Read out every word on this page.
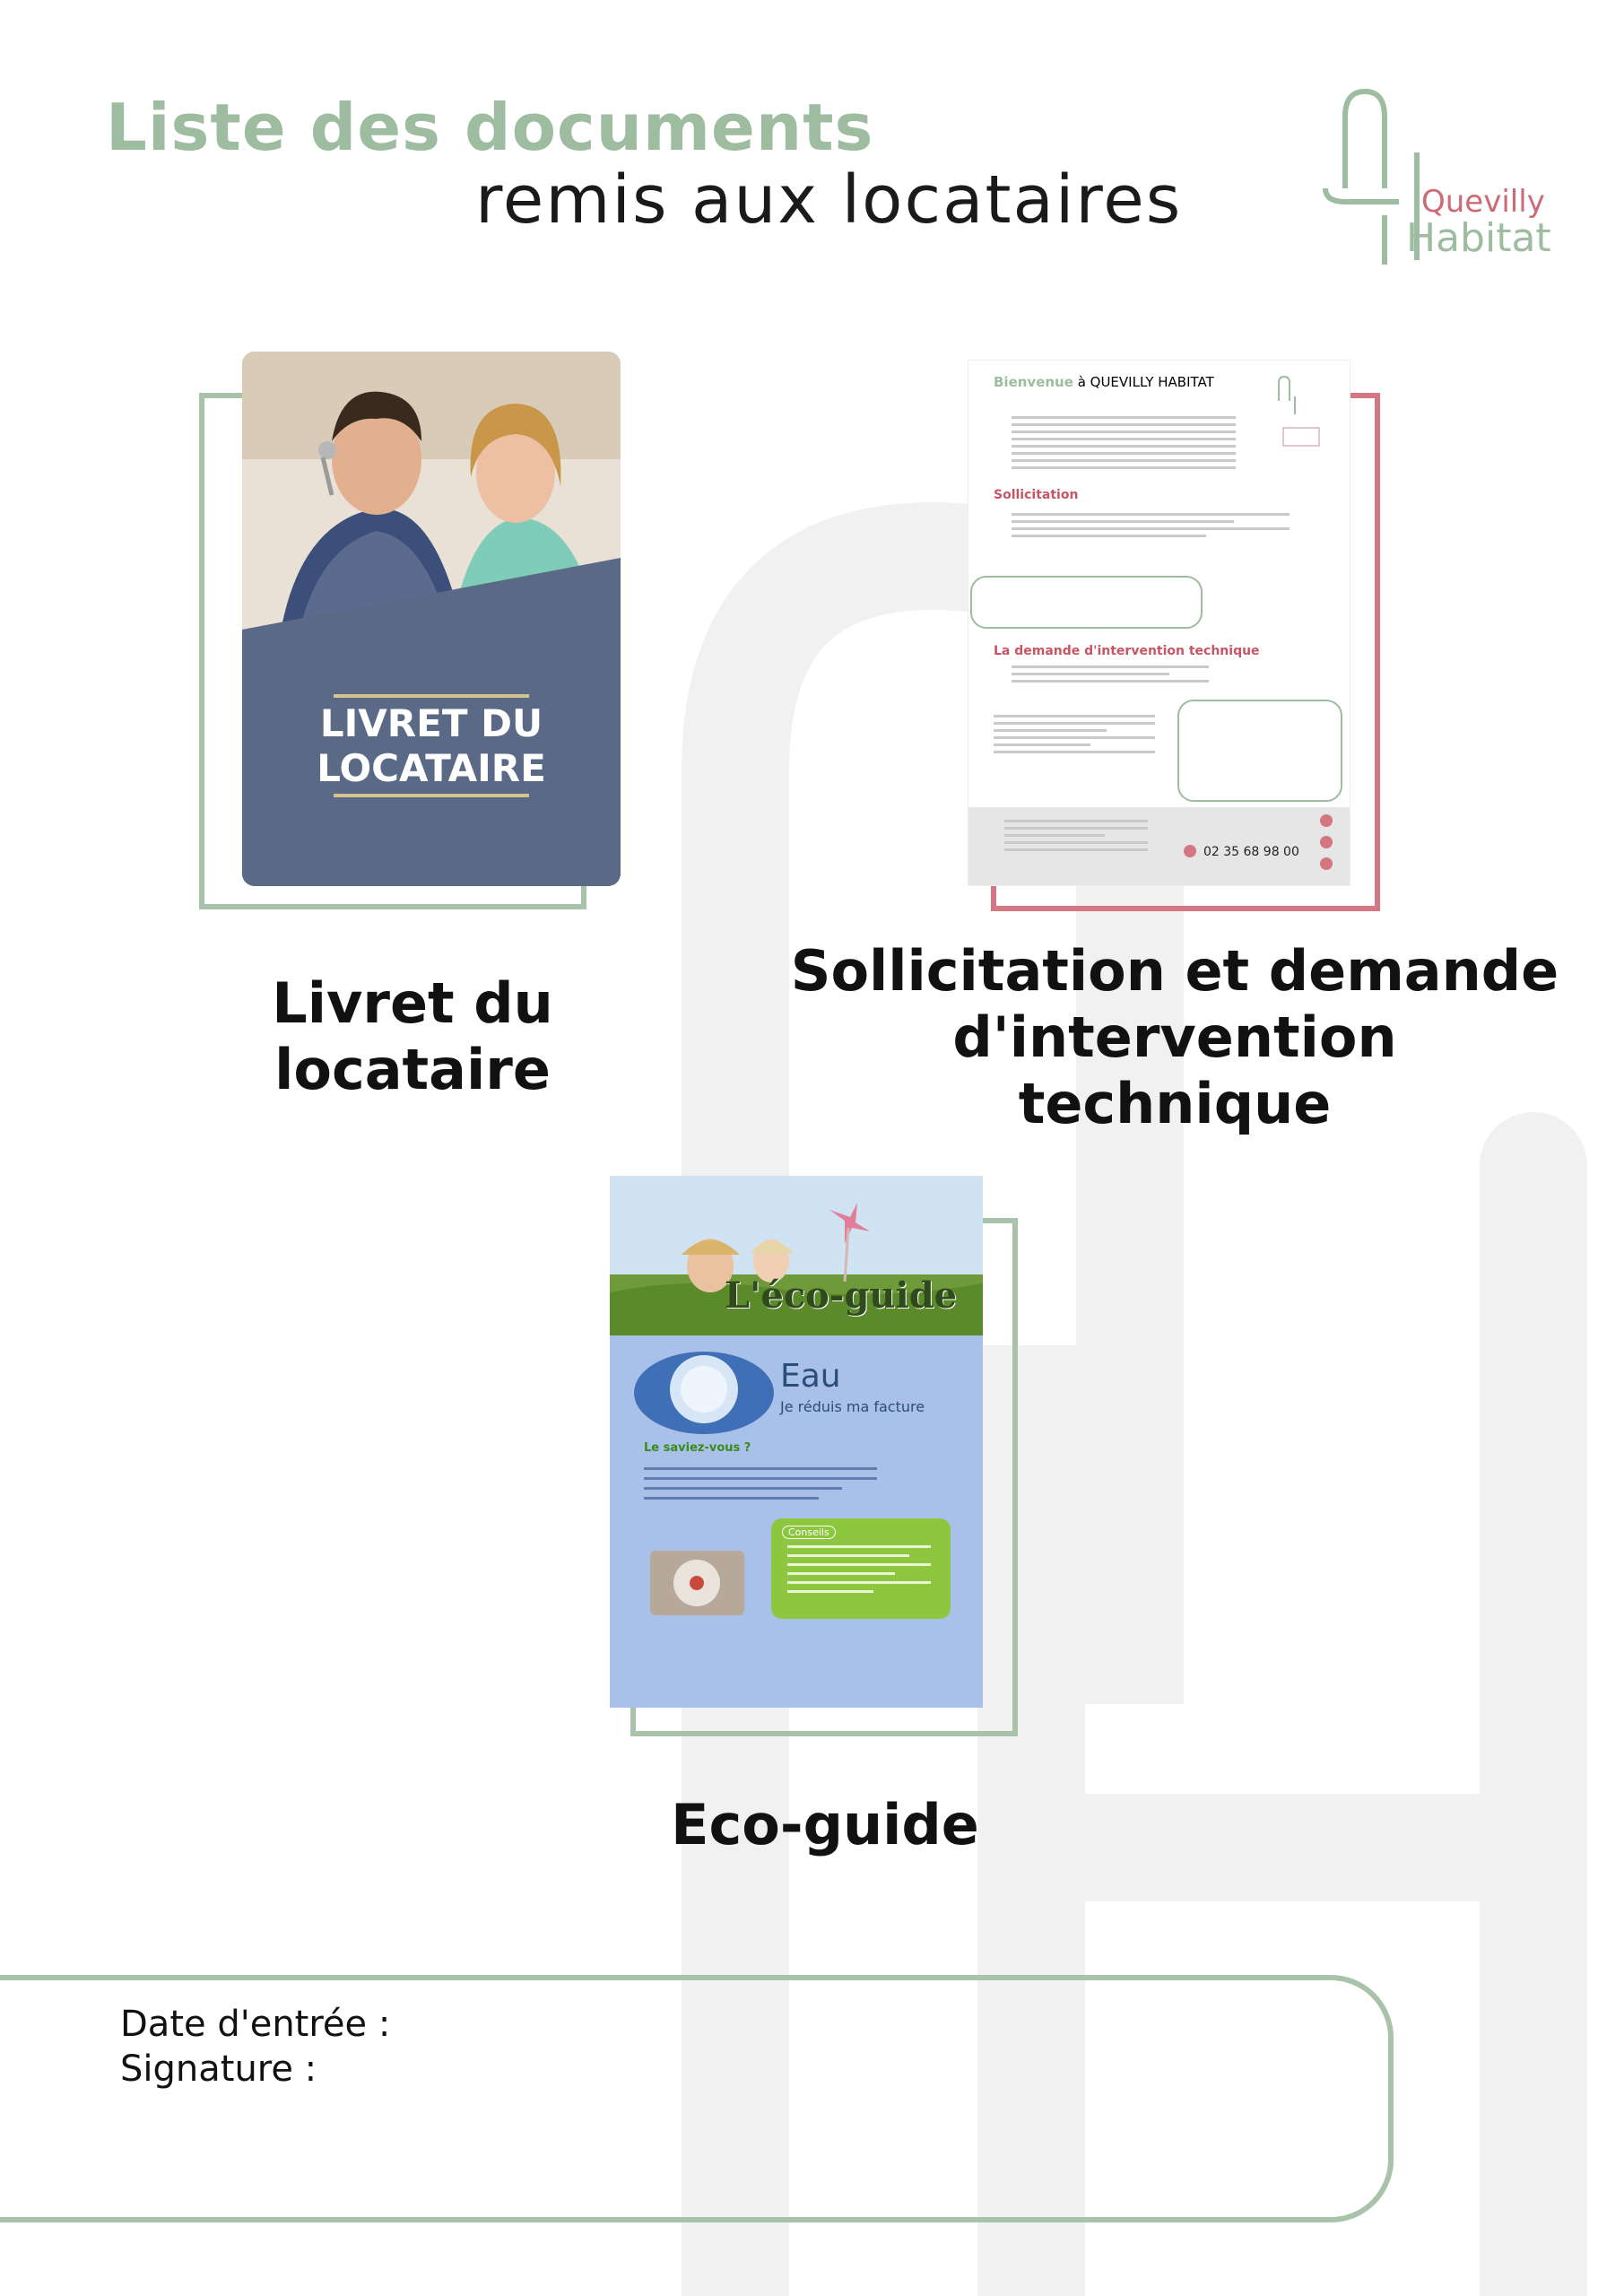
Liste des documents
remis aux locataires	Quevilly
Habitat
LIVRET DU
LOCATAIRE
Livret du locataire
Bienvenue à QUEVILLY HABITAT
Sollicitation
La demande d'intervention technique
02 35 68 98 00
Sollicitation et demande
d'intervention technique
L'éco-guide
Eau
Je réduis ma facture
Le saviez-vous ?
Conseils
Eco-guide
Date d'entrée :
Signature :
